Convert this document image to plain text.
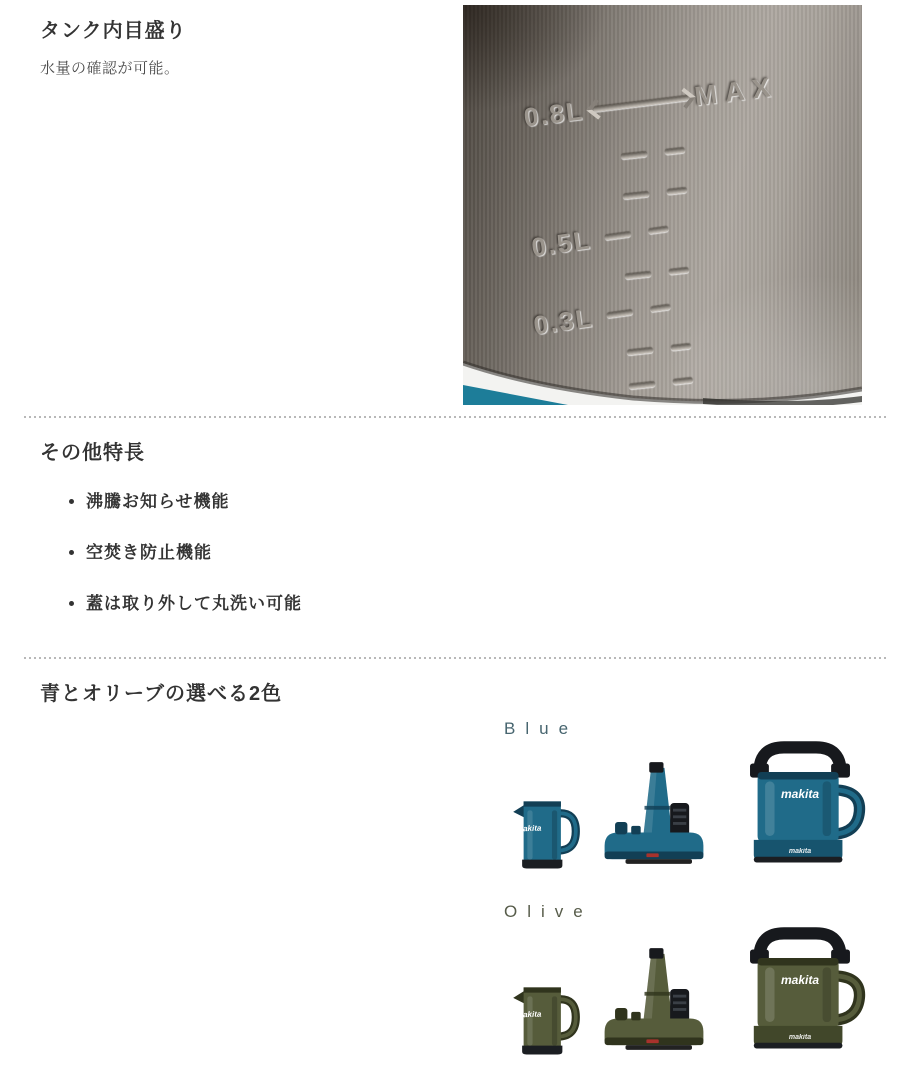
タンク内目盛り
水量の確認が可能。
0.8L
MAX
0.5L
0.3L
その他特長
• 沸騰お知らせ機能
• 空焚き防止機能
• 蓋は取り外して丸洗い可能
青とオリーブの選べる2色
Blue
makita
makita
makita
Olive
makita
makita
makita
